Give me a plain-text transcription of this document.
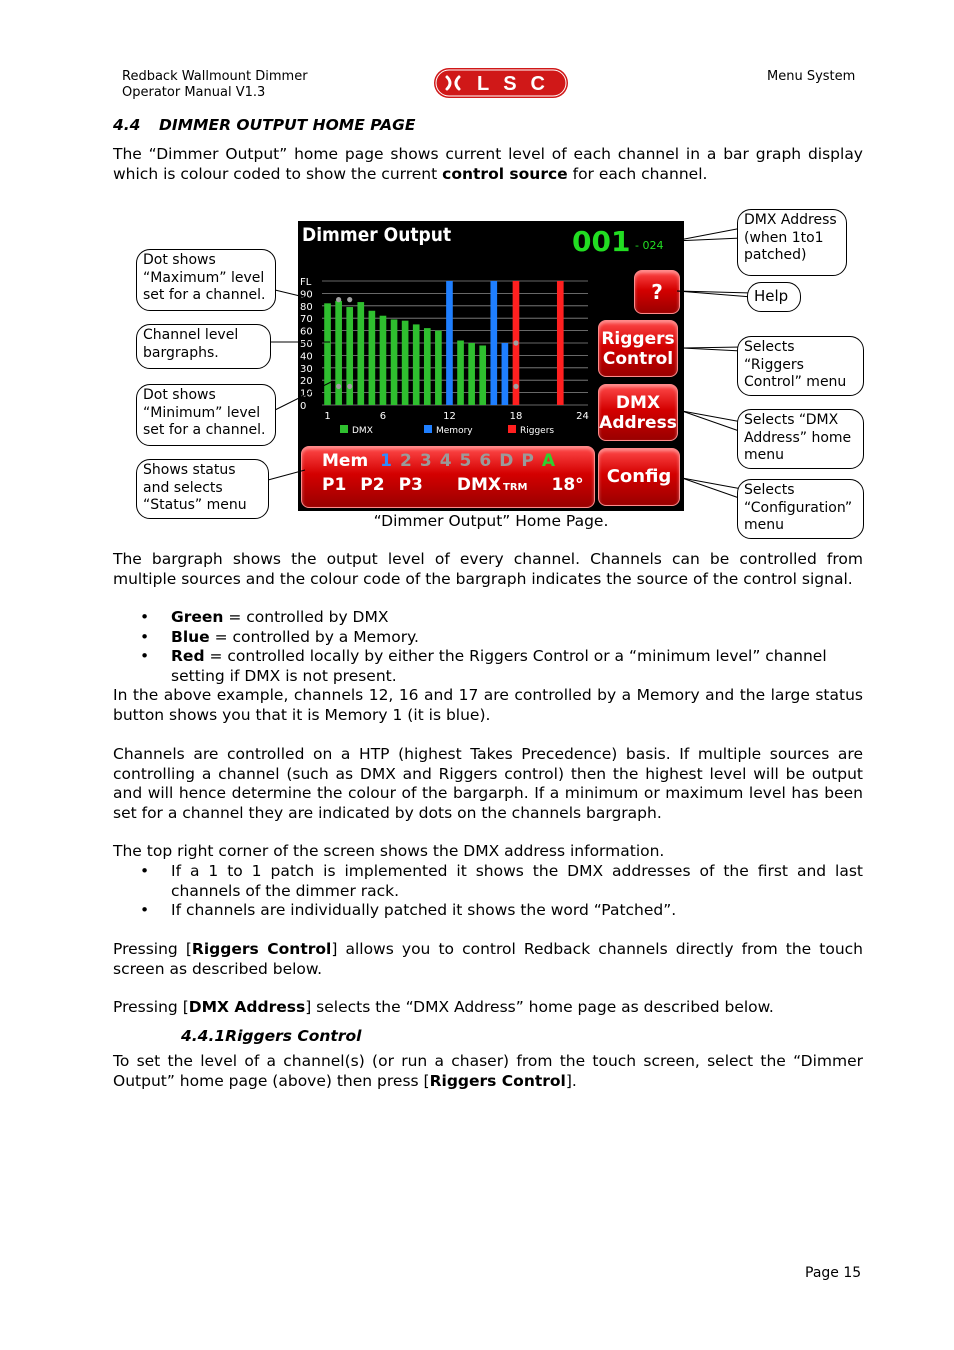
Redback Wallmount Dimmer
Operator Manual V1.3
Menu System
LSC
4.4 DIMMER OUTPUT HOME PAGE

The “Dimmer Output” home page shows current level of each channel in a bar graph display which is colour coded to show the current control source for each channel.

Dimmer Output	001 - 024
FL
90
80
70
60
50
40
30
20
10
0
1	6	12	18	24
DMX	Memory	Riggers
?
Riggers
Control
DMX
Address
Config
Mem 1 2 3 4 5 6 D P A
P1 P2 P3 DMX TRM 18°
“Dimmer Output” Home Page.
Dot shows
“Maximum” level
set for a channel.
Channel level
bargraphs.
Dot shows
“Minimum” level
set for a channel.
Shows status
and selects
“Status” menu
DMX Address
(when 1to1
patched)
Help
Selects
“Riggers
Control” menu
Selects “DMX
Address” home
menu
Selects
“Configuration”
menu

The bargraph shows the output level of every channel. Channels can be controlled from multiple sources and the colour code of the bargraph indicates the source of the control signal.

• Green = controlled by DMX
• Blue = controlled by a Memory.
• Red = controlled locally by either the Riggers Control or a “minimum level” channel setting if DMX is not present.

In the above example, channels 12, 16 and 17 are controlled by a Memory and the large status button shows you that it is Memory 1 (it is blue).

Channels are controlled on a HTP (highest Takes Precedence) basis. If multiple sources are controlling a channel (such as DMX and Riggers control) then the highest level will be output and will hence determine the colour of the bargarph. If a minimum or maximum level has been set for a channel they are indicated by dots on the channels bargraph.

The top right corner of the screen shows the DMX address information.

• If a 1 to 1 patch is implemented it shows the DMX addresses of the first and last channels of the dimmer rack.
• If channels are individually patched it shows the word “Patched”.

Pressing [Riggers Control] allows you to control Redback channels directly from the touch screen as described below.

Pressing [DMX Address] selects the “DMX Address” home page as described below.

4.4.1Riggers Control

To set the level of a channel(s) (or run a chaser) from the touch screen, select the “Dimmer Output” home page (above) then press [Riggers Control].

Page 15
